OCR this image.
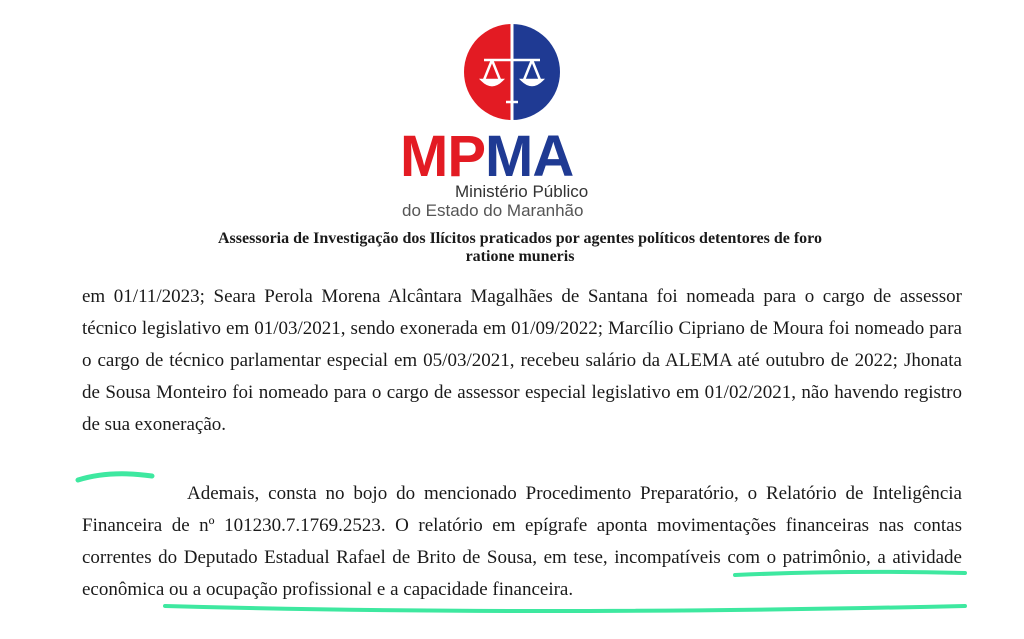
MPMA
Ministério Público
do Estado do Maranhão
Assessoria de Investigação dos Ilícitos praticados por agentes políticos detentores de foro
ratione muneris

em 01/11/2023; Seara Perola Morena Alcântara Magalhães de Santana foi nomeada para o cargo de assessor técnico legislativo em 01/03/2021, sendo exonerada em 01/09/2022; Marcílio Cipriano de Moura foi nomeado para o cargo de técnico parlamentar especial em 05/03/2021, recebeu salário da ALEMA até outubro de 2022; Jhonata de Sousa Monteiro foi nomeado para o cargo de assessor especial legislativo em 01/02/2021, não havendo registro de sua exoneração.

Ademais, consta no bojo do mencionado Procedimento Preparatório, o Relatório de Inteligência Financeira de nº 101230.7.1769.2523. O relatório em epígrafe aponta movimentações financeiras nas contas correntes do Deputado Estadual Rafael de Brito de Sousa, em tese, incompatíveis com o patrimônio, a atividade econômica ou a ocupação profissional e a capacidade financeira.
